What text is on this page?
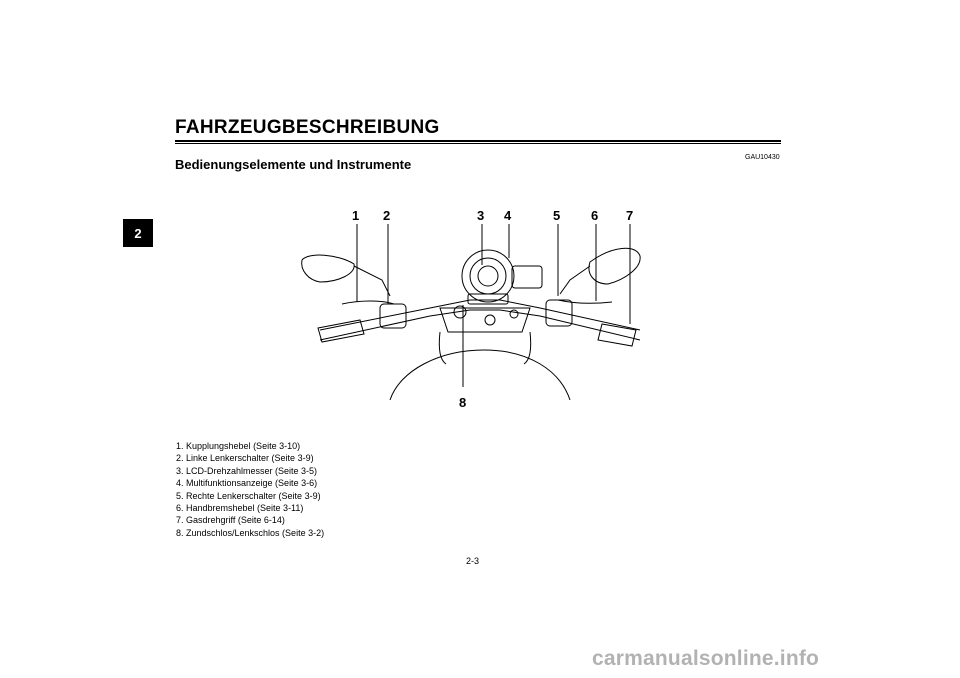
2
FAHRZEUGBESCHREIBUNG
GAU10430
Bedienungselemente und Instrumente
1 2	3 4	5 6 7
8
1. Kupplungshebel (Seite 3-10)
2. Linke Lenkerschalter (Seite 3-9)
3. LCD-Drehzahlmesser (Seite 3-5)
4. Multifunktionsanzeige (Seite 3-6)
5. Rechte Lenkerschalter (Seite 3-9)
6. Handbremshebel (Seite 3-11)
7. Gasdrehgriff (Seite 6-14)
8. Zundschlos/Lenkschlos (Seite 3-2)
2-3
carmanualsonline.info
